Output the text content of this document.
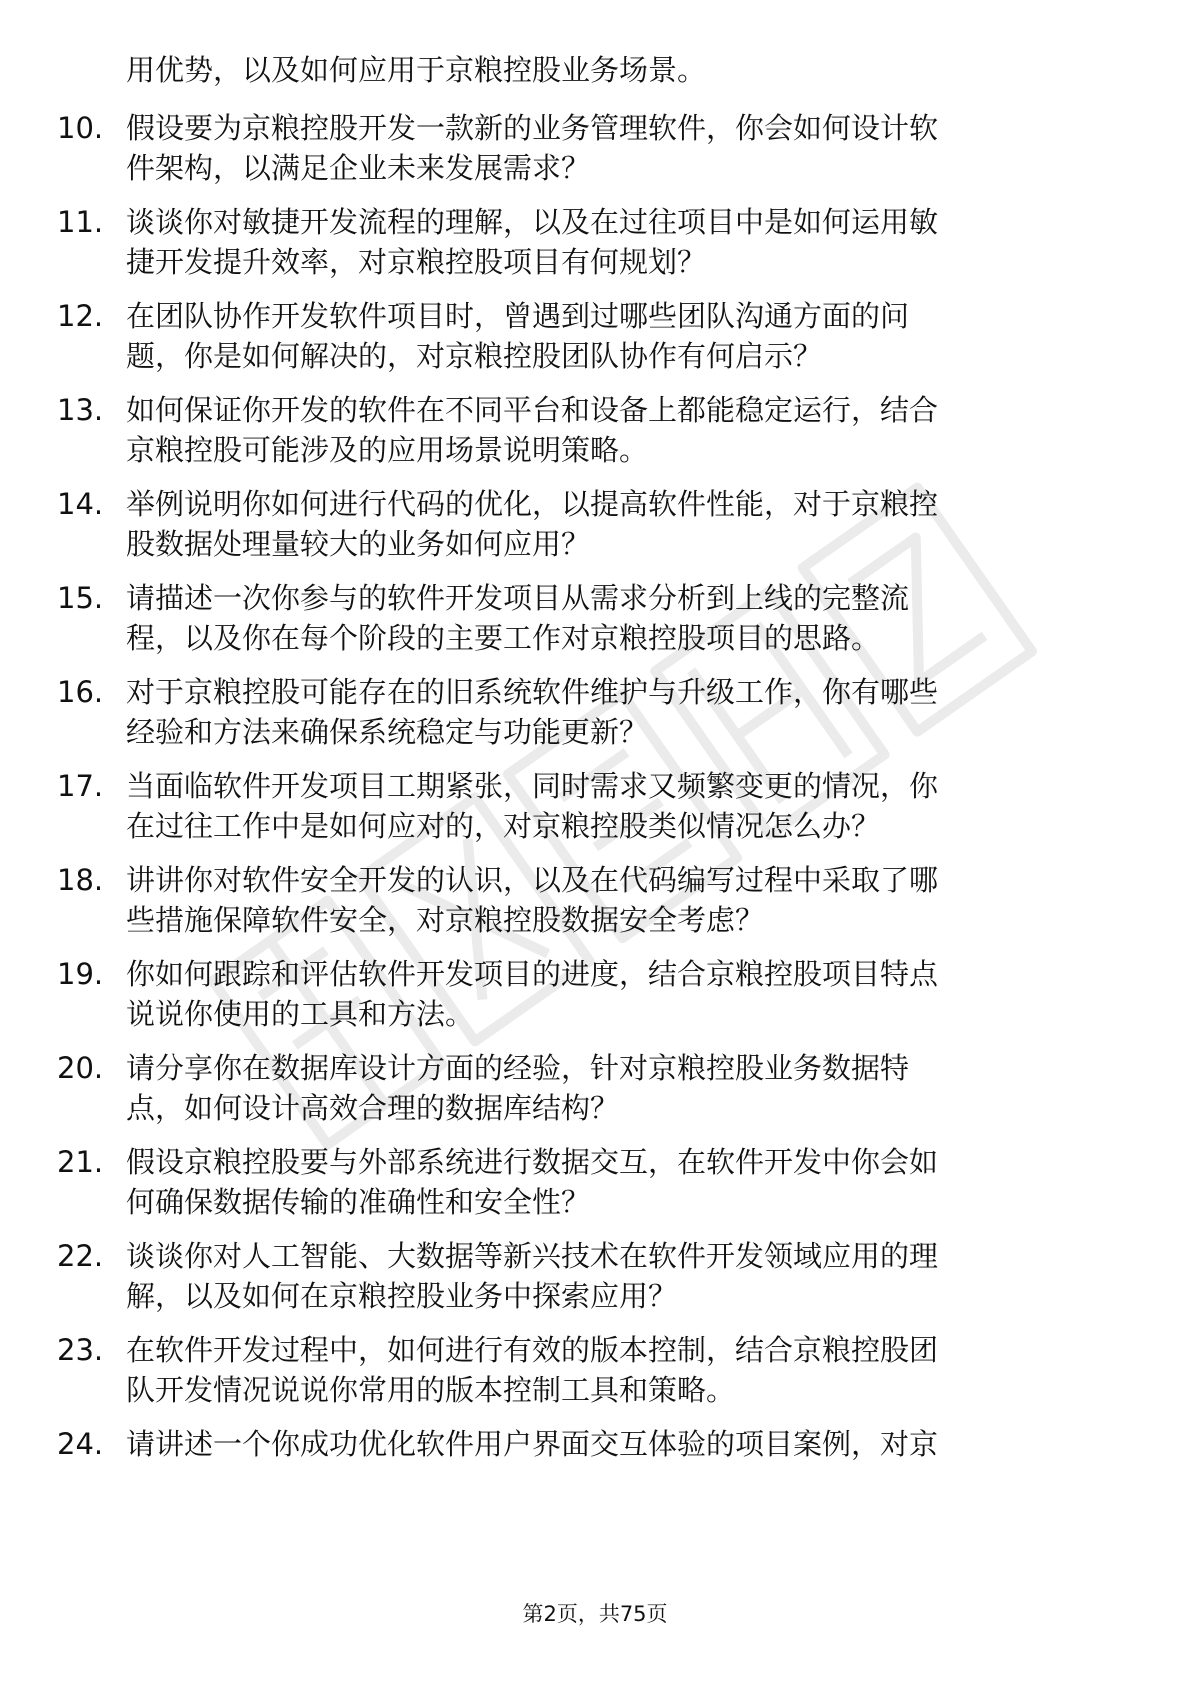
用优势，以及如何应用于京粮控股业务场景。
10. 假设要为京粮控股开发一款新的业务管理软件，你会如何设计软
件架构，以满足企业未来发展需求？
11. 谈谈你对敏捷开发流程的理解，以及在过往项目中是如何运用敏
捷开发提升效率，对京粮控股项目有何规划？
12. 在团队协作开发软件项目时，曾遇到过哪些团队沟通方面的问
题，你是如何解决的，对京粮控股团队协作有何启示？
13. 如何保证你开发的软件在不同平台和设备上都能稳定运行，结合
京粮控股可能涉及的应用场景说明策略。
14. 举例说明你如何进行代码的优化，以提高软件性能，对于京粮控
股数据处理量较大的业务如何应用？
15. 请描述一次你参与的软件开发项目从需求分析到上线的完整流
程，以及你在每个阶段的主要工作对京粮控股项目的思路。
16. 对于京粮控股可能存在的旧系统软件维护与升级工作，你有哪些
经验和方法来确保系统稳定与功能更新？
17. 当面临软件开发项目工期紧张，同时需求又频繁变更的情况，你
在过往工作中是如何应对的，对京粮控股类似情况怎么办？
18. 讲讲你对软件安全开发的认识，以及在代码编写过程中采取了哪
些措施保障软件安全，对京粮控股数据安全考虑？
19. 你如何跟踪和评估软件开发项目的进度，结合京粮控股项目特点
说说你使用的工具和方法。
20. 请分享你在数据库设计方面的经验，针对京粮控股业务数据特
点，如何设计高效合理的数据库结构？
21. 假设京粮控股要与外部系统进行数据交互，在软件开发中你会如
何确保数据传输的准确性和安全性？
22. 谈谈你对人工智能、大数据等新兴技术在软件开发领域应用的理
解，以及如何在京粮控股业务中探索应用？
23. 在软件开发过程中，如何进行有效的版本控制，结合京粮控股团
队开发情况说说你常用的版本控制工具和策略。
24. 请讲述一个你成功优化软件用户界面交互体验的项目案例，对京
第2页，共75页
